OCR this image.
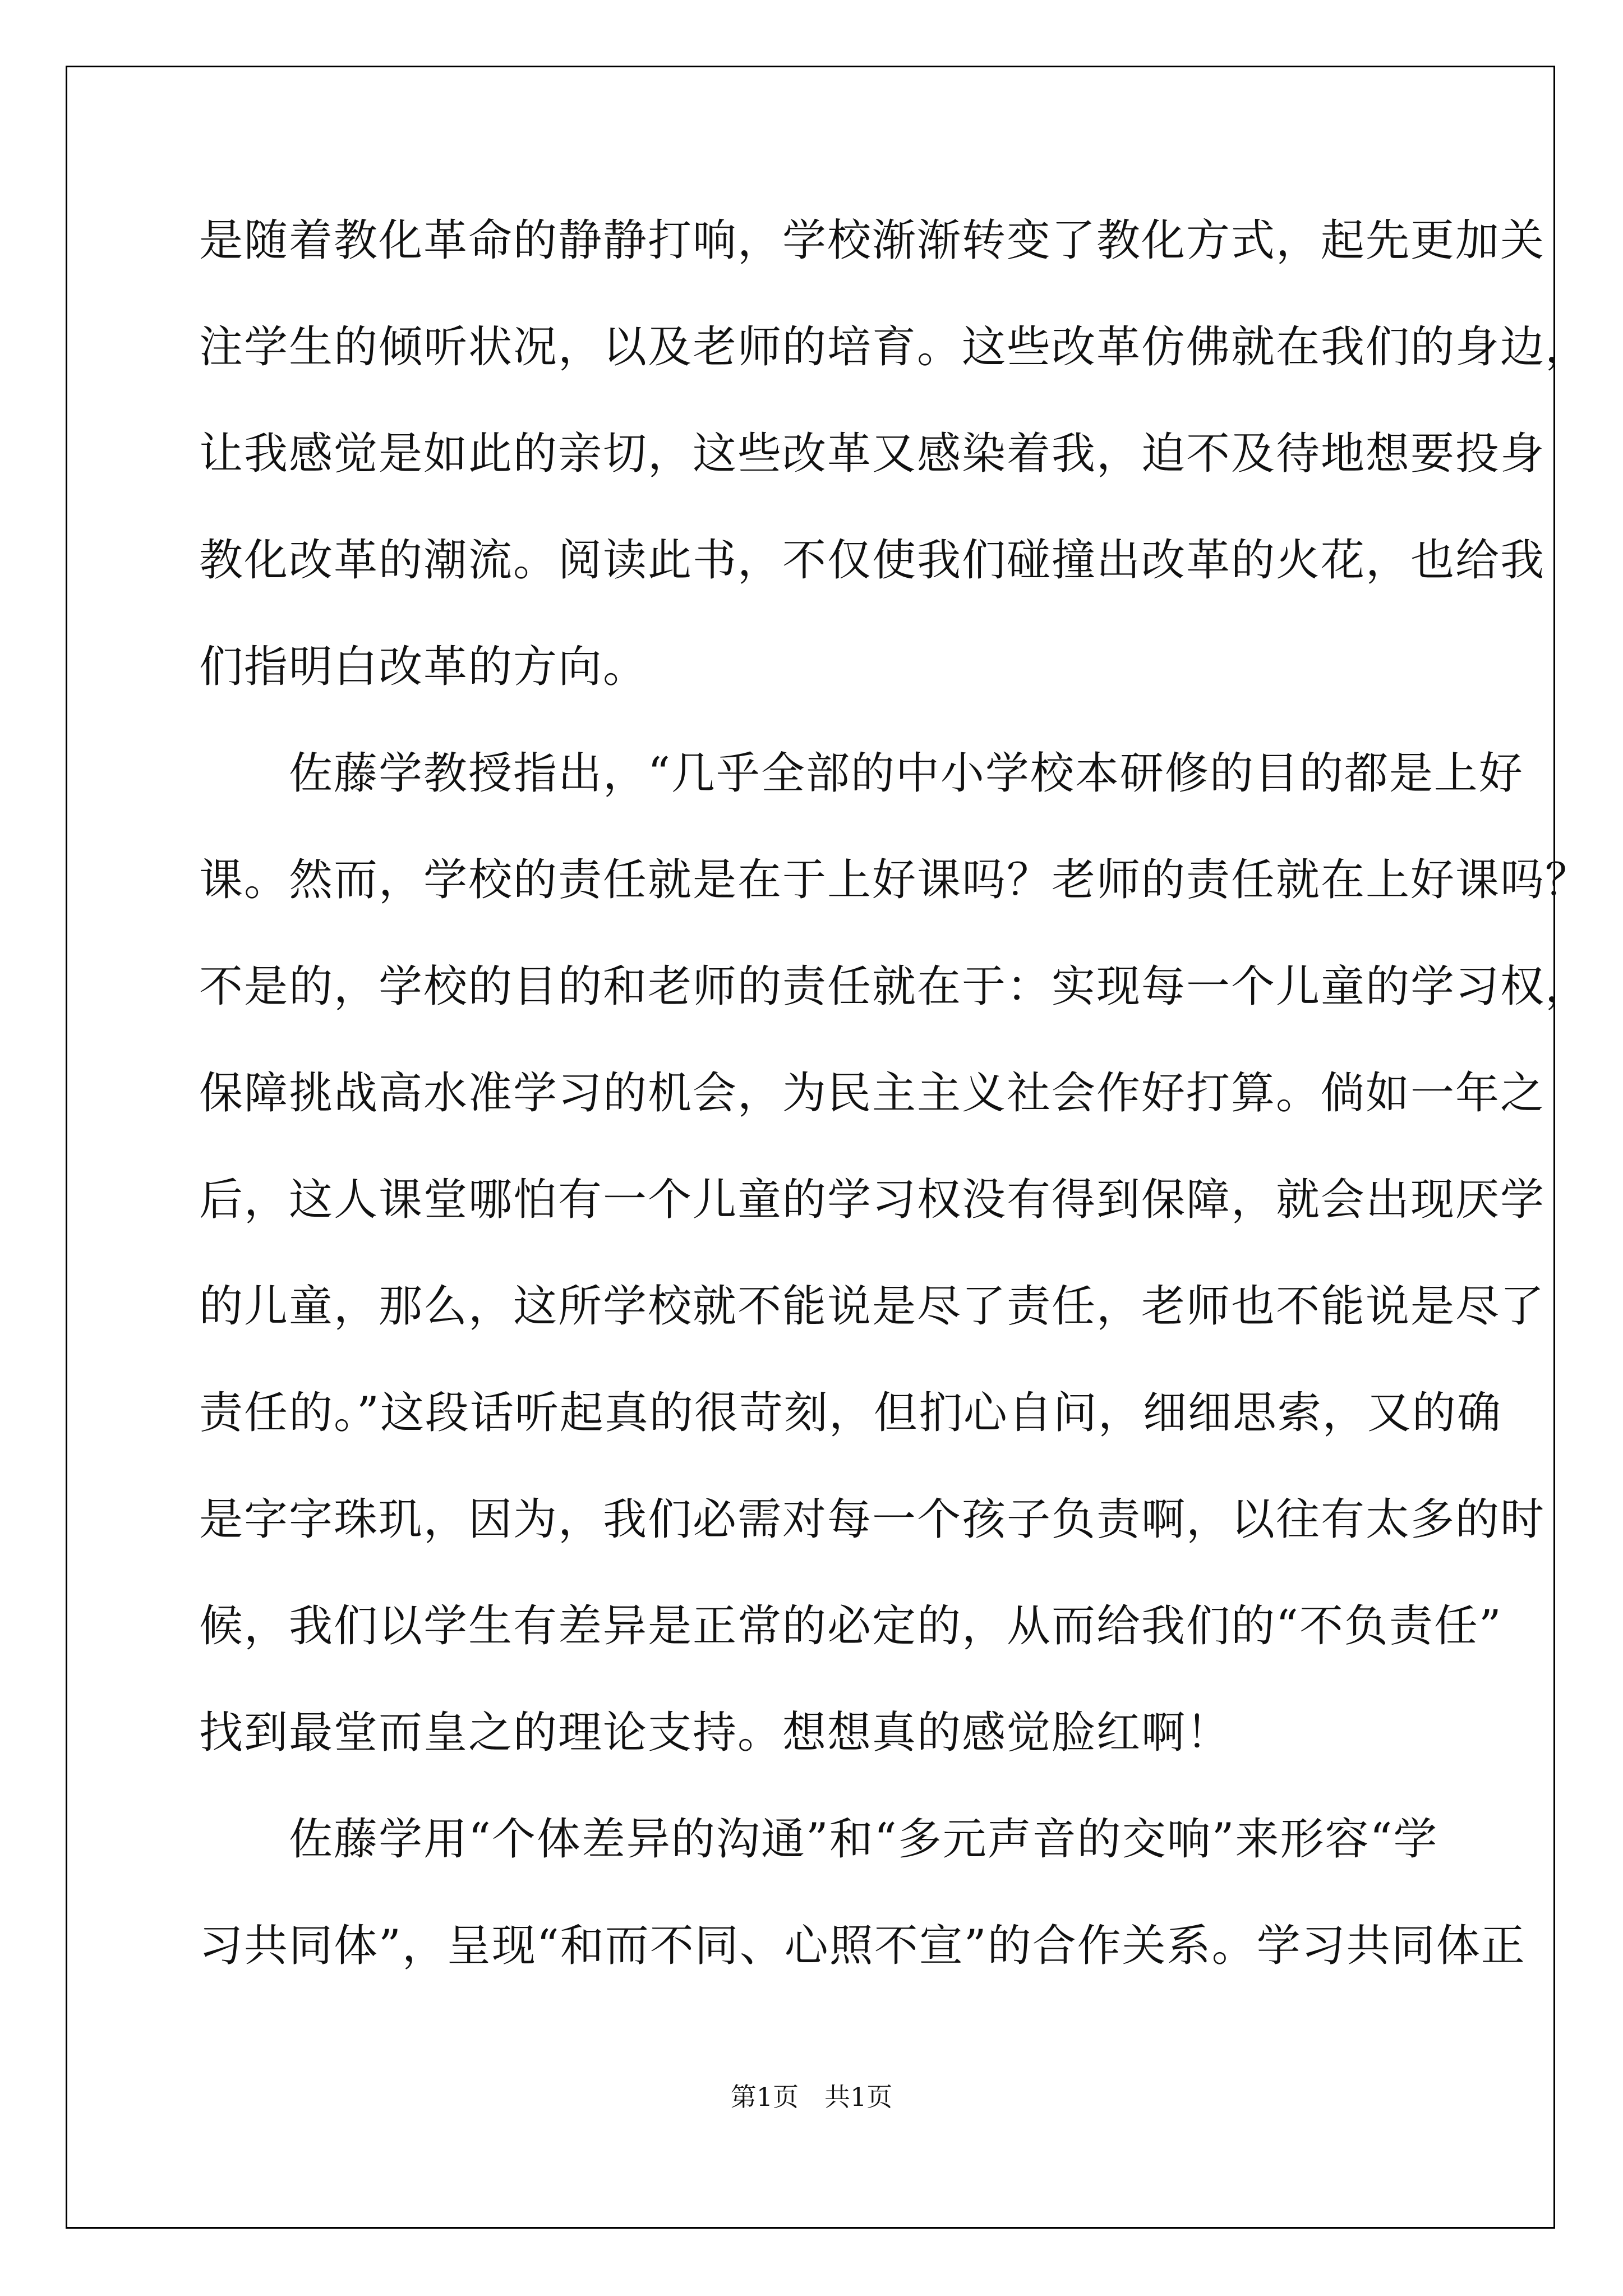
是随着教化革命的静静打响，学校渐渐转变了教化方式，起先更加关
注学生的倾听状况，以及老师的培育。这些改革仿佛就在我们的身边，
让我感觉是如此的亲切，这些改革又感染着我，迫不及待地想要投身
教化改革的潮流。阅读此书，不仅使我们碰撞出改革的火花，也给我
们指明白改革的方向。
　　佐藤学教授指出，“几乎全部的中小学校本研修的目的都是上好
课。然而，学校的责任就是在于上好课吗？老师的责任就在上好课吗？
不是的，学校的目的和老师的责任就在于：实现每一个儿童的学习权，
保障挑战高水准学习的机会，为民主主义社会作好打算。倘如一年之
后，这人课堂哪怕有一个儿童的学习权没有得到保障，就会出现厌学
的儿童，那么，这所学校就不能说是尽了责任，老师也不能说是尽了
责任的。”这段话听起真的很苛刻，但扪心自问，细细思索，又的确
是字字珠玑，因为，我们必需对每一个孩子负责啊，以往有太多的时
候，我们以学生有差异是正常的必定的，从而给我们的“不负责任”
找到最堂而皇之的理论支持。想想真的感觉脸红啊！
　　佐藤学用“个体差异的沟通”和“多元声音的交响”来形容“学
习共同体”，呈现“和而不同、心照不宣”的合作关系。学习共同体正
第1页　共1页
